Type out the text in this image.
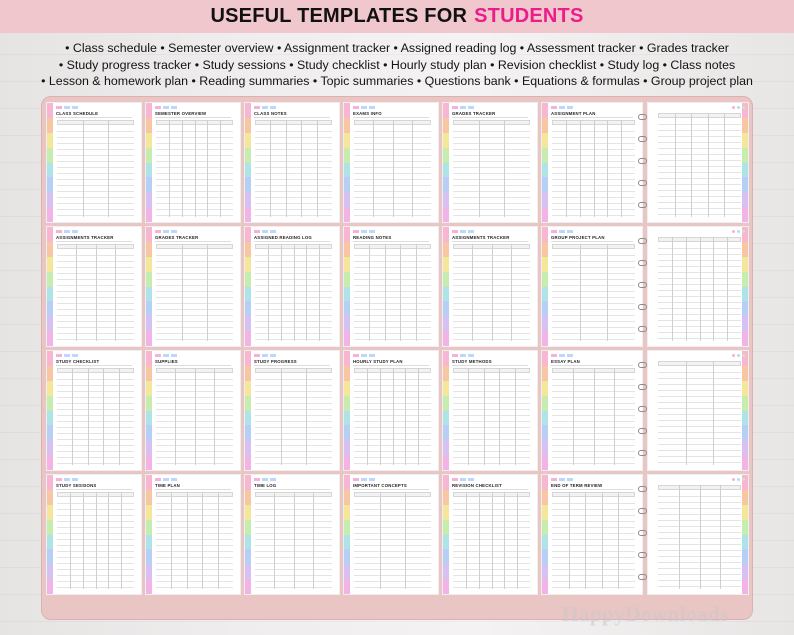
USEFUL TEMPLATES FOR STUDENTS
• Class schedule • Semester overview • Assignment tracker • Assigned reading log • Assessment tracker • Grades tracker
• Study progress tracker • Study sessions • Study checklist • Hourly study plan • Revision checklist • Study log • Class notes
• Lesson & homework plan • Reading summaries • Topic summaries • Questions bank • Equations & formulas • Group project plan
CLASS SCHEDULE	SEMESTER OVERVIEW	CLASS NOTES	EXAMS INFO	GRADES TRACKER	ASSIGNMENT PLAN
ASSIGNMENTS TRACKER	GRADES TRACKER	ASSIGNED READING LOG	READING NOTES	ASSIGNMENTS TRACKER	GROUP PROJECT PLAN
STUDY CHECKLIST	SUPPLIES	STUDY PROGRESS	HOURLY STUDY PLAN	STUDY METHODS	ESSAY PLAN
STUDY SESSIONS	TIME PLAN	TIME LOG	IMPORTANT CONCEPTS	REVISION CHECKLIST	END OF TERM REVIEW
HappyDownloads
